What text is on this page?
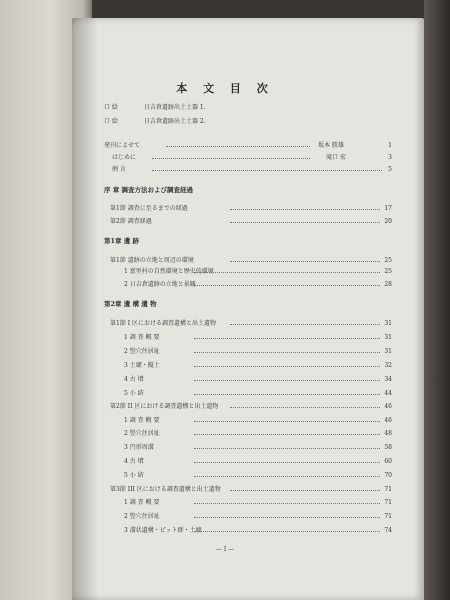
本 文 目 次
口 絵	日吉倉遺跡出土土器 1.
口 絵	日吉倉遺跡出土土器 2.
発刊によせて	坂本 勝雄	1
はじめに	滝口 宏	3
例 言	5
序 章 調査方法および調査経過
第1節 調査に至るまでの経過	17
第2節 調査経過	20
第1章 遺 跡
第1節 遺跡の立地と周辺の環境	25
1 富里村の自然環境と歴史的環境	25
2 日吉倉遺跡の立地と景観	28
第2章 遺 構 遺 物
第1節 I 区における調査遺構と出土遺物	31
1 調 査 概 要	31
2 竪穴住居址	31
3 土壙・擬土	32
4 古 墳	34
5 小 結	44
第2節 II 区における調査遺構と出土遺物	46
1 調 査 概 要	46
2 竪穴住居址	48
3 円形周溝	58
4 古 墳	60
5 小 結	70
第3節 III 区における調査遺構と出土遺物	71
1 調 査 概 要	71
2 竪穴住居址	71
3 溝状遺構・ピット群・土壙	74
— I —
